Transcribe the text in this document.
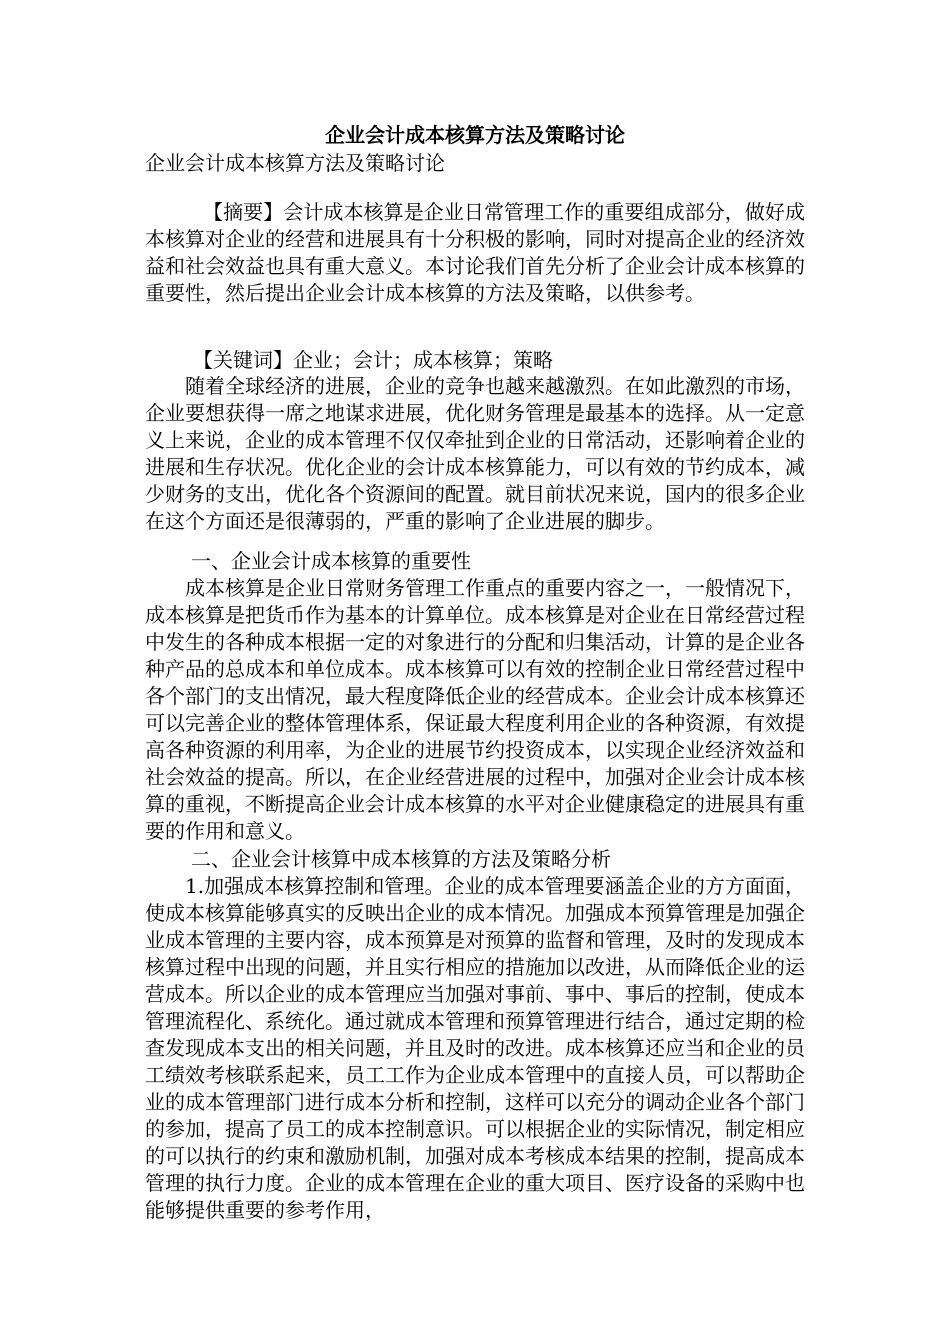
企业会计成本核算方法及策略讨论

企业会计成本核算方法及策略讨论

【摘要】会计成本核算是企业日常管理工作的重要组成部分，做好成本核算对企业的经营和进展具有十分积极的影响，同时对提高企业的经济效益和社会效益也具有重大意义。本讨论我们首先分析了企业会计成本核算的重要性，然后提出企业会计成本核算的方法及策略，以供参考。

【关键词】企业；会计；成本核算；策略

随着全球经济的进展，企业的竞争也越来越激烈。在如此激烈的市场，企业要想获得一席之地谋求进展，优化财务管理是最基本的选择。从一定意义上来说，企业的成本管理不仅仅牵扯到企业的日常活动，还影响着企业的进展和生存状况。优化企业的会计成本核算能力，可以有效的节约成本，减少财务的支出，优化各个资源间的配置。就目前状况来说，国内的很多企业在这个方面还是很薄弱的，严重的影响了企业进展的脚步。

一、企业会计成本核算的重要性

成本核算是企业日常财务管理工作重点的重要内容之一，一般情况下，成本核算是把货币作为基本的计算单位。成本核算是对企业在日常经营过程中发生的各种成本根据一定的对象进行的分配和归集活动，计算的是企业各种产品的总成本和单位成本。成本核算可以有效的控制企业日常经营过程中各个部门的支出情况，最大程度降低企业的经营成本。企业会计成本核算还可以完善企业的整体管理体系，保证最大程度利用企业的各种资源，有效提高各种资源的利用率，为企业的进展节约投资成本，以实现企业经济效益和社会效益的提高。所以，在企业经营进展的过程中，加强对企业会计成本核算的重视，不断提高企业会计成本核算的水平对企业健康稳定的进展具有重要的作用和意义。

二、企业会计核算中成本核算的方法及策略分析

1.加强成本核算控制和管理。企业的成本管理要涵盖企业的方方面面，使成本核算能够真实的反映出企业的成本情况。加强成本预算管理是加强企业成本管理的主要内容，成本预算是对预算的监督和管理，及时的发现成本核算过程中出现的问题，并且实行相应的措施加以改进，从而降低企业的运营成本。所以企业的成本管理应当加强对事前、事中、事后的控制，使成本管理流程化、系统化。通过就成本管理和预算管理进行结合，通过定期的检查发现成本支出的相关问题，并且及时的改进。成本核算还应当和企业的员工绩效考核联系起来，员工工作为企业成本管理中的直接人员，可以帮助企业的成本管理部门进行成本分析和控制，这样可以充分的调动企业各个部门的参加，提高了员工的成本控制意识。可以根据企业的实际情况，制定相应的可以执行的约束和激励机制，加强对成本考核成本结果的控制，提高成本管理的执行力度。企业的成本管理在企业的重大项目、医疗设备的采购中也能够提供重要的参考作用，
